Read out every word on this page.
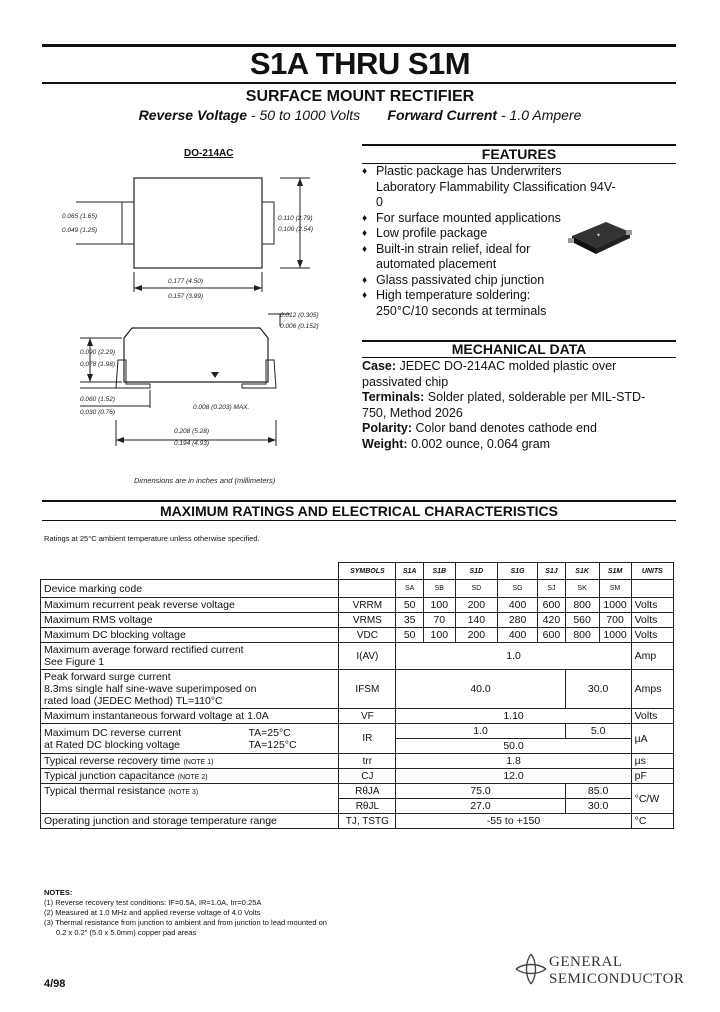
S1A THRU S1M
SURFACE MOUNT RECTIFIER
Reverse Voltage - 50 to 1000 Volts Forward Current - 1.0 Ampere
DO-214AC
0.065 (1.65)
0.049 (1.25)
0.110 (2.79)
0.100 (2.54)
0.177 (4.50)
0.157 (3.99)
0.012 (0.305)
0.006 (0.152)
0.090 (2.29)
0.078 (1.98)
0.060 (1.52)
0.030 (0.76)
0.008 (0.203) MAX.
0.208 (5.28)
0.194 (4.93)
Dimensions are in inches and (millimeters)
FEATURES
♦ Plastic package has Underwriters Laboratory Flammability Classification 94V-0
♦ For surface mounted applications
♦ Low profile package
♦ Built-in strain relief, ideal for automated placement
♦ Glass passivated chip junction
♦ High temperature soldering: 250°C/10 seconds at terminals
✦
MECHANICAL DATA
Case: JEDEC DO-214AC molded plastic over passivated chip
Terminals: Solder plated, solderable per MIL-STD-750, Method 2026
Polarity: Color band denotes cathode end
Weight: 0.002 ounce, 0.064 gram
MAXIMUM RATINGS AND ELECTRICAL CHARACTERISTICS
Ratings at 25°C ambient temperature unless otherwise specified.
	SYMBOLS	S1A	S1B	S1D	S1G	S1J	S1K	S1M	UNITS
Device marking code		SA	SB	SD	SG	SJ	SK	SM	
Maximum recurrent peak reverse voltage	VRRM	50	100	200	400	600	800	1000	Volts
Maximum RMS voltage	VRMS	35	70	140	280	420	560	700	Volts
Maximum DC blocking voltage	VDC	50	100	200	400	600	800	1000	Volts

Maximum average forward rectified current
See Figure 1	I(AV)	1.0							Amp

Peak forward surge current
8.3ms single half sine-wave superimposed on
rated load (JEDEC Method) TL=110°C	IFSM	40.0					30.0		Amps
Maximum instantaneous forward voltage at 1.0A	VF	1.10							Volts

Maximum DC reverse current TA=25°C
at Rated DC blocking voltage TA=125°C	IR	1.0					5.0		µA
		50.0							
Typical reverse recovery time (NOTE 1)	trr	1.8							µs
Typical junction capacitance (NOTE 2)	CJ	12.0							pF
Typical thermal resistance (NOTE 3)	RθJA	75.0					85.0		°C/W
	RθJL	27.0					30.0		
Operating junction and storage temperature range	TJ, TSTG	-55 to +150							°C
NOTES:
(1) Reverse recovery test conditions: IF=0.5A, IR=1.0A, Irr=0.25A
(2) Measured at 1.0 MHz and applied reverse voltage of 4.0 Volts
(3) Thermal resistance from junction to ambient and from junction to lead mounted on
0.2 x 0.2" (5.0 x 5.0mm) copper pad areas
4/98
GENERAL
SEMICONDUCTOR
